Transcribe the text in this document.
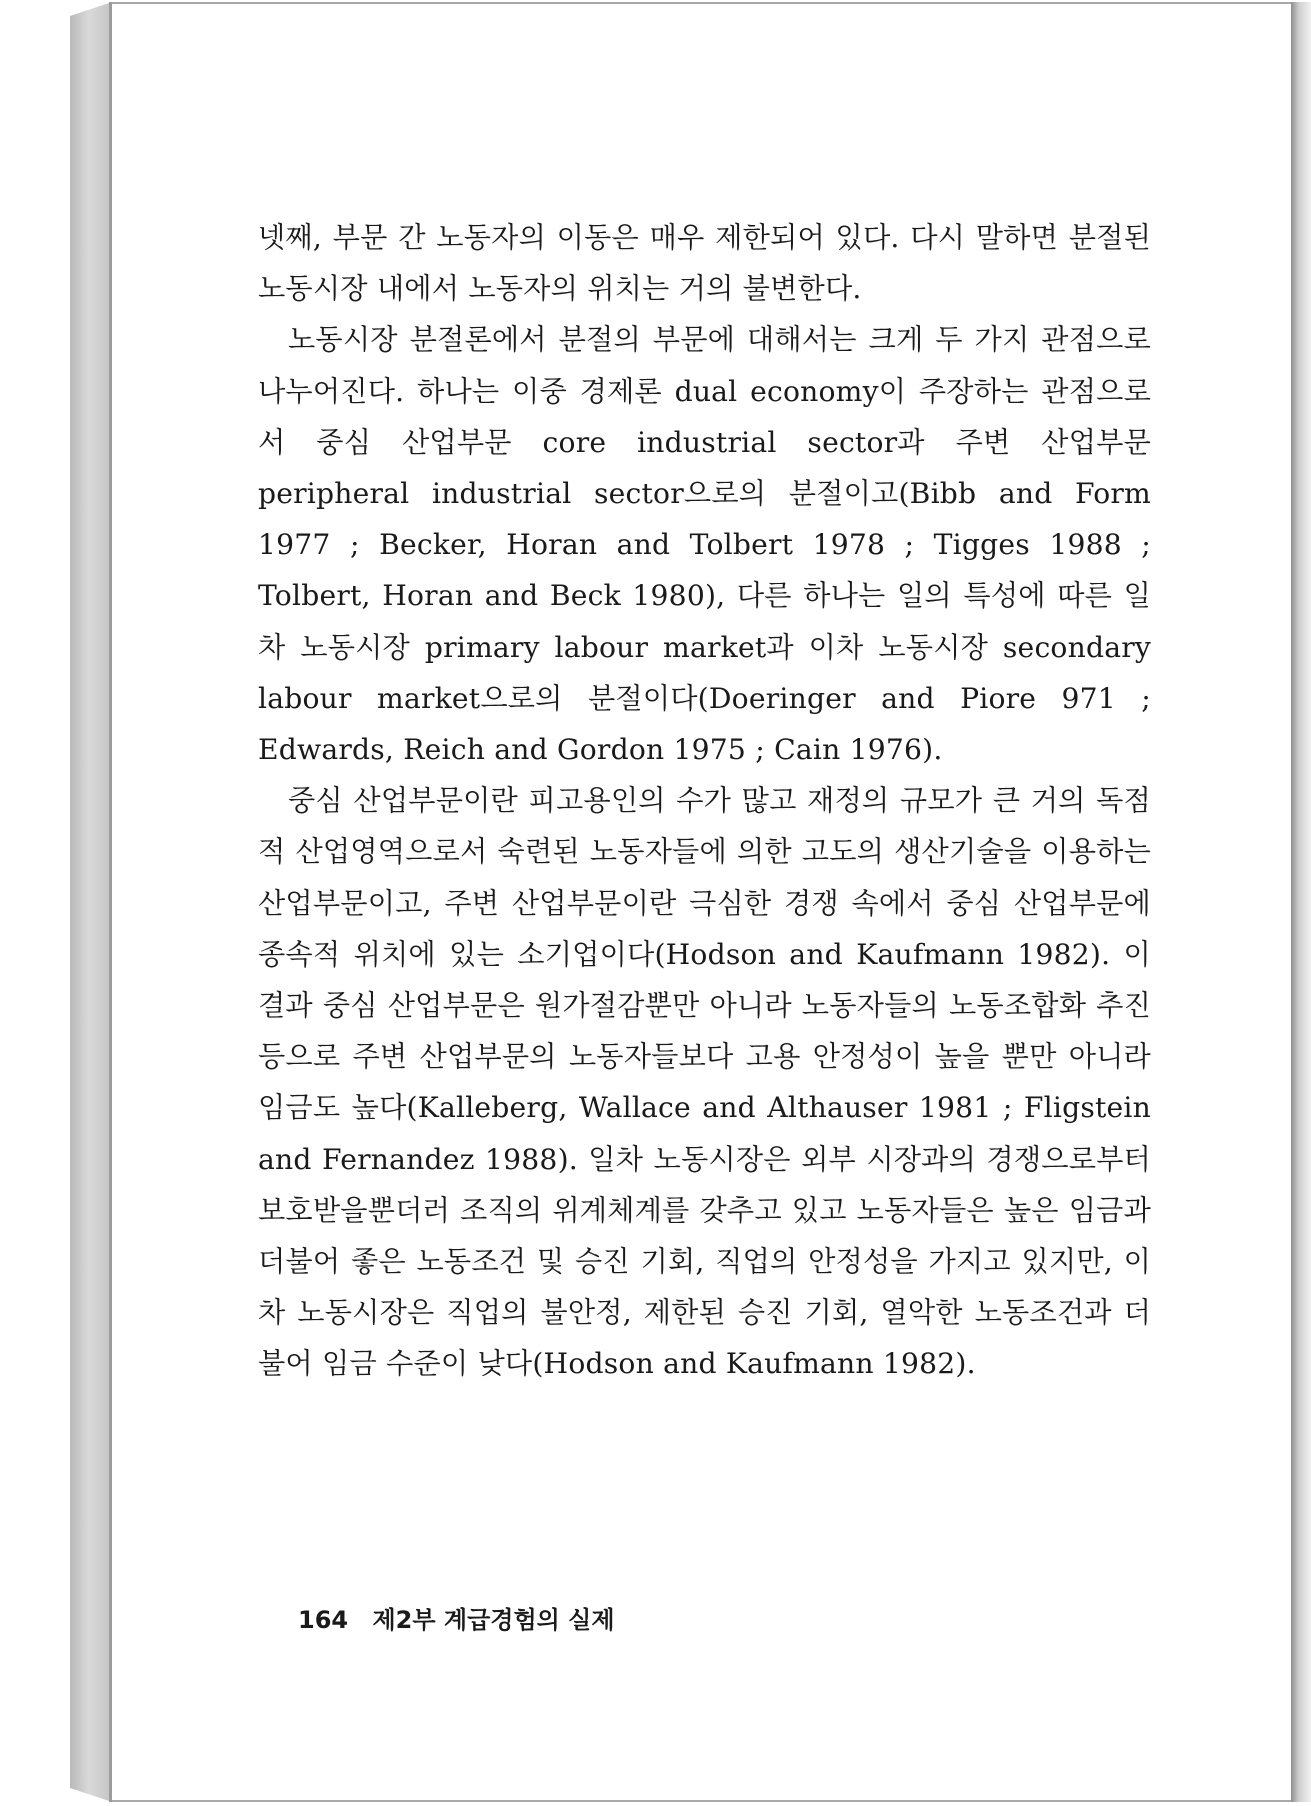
넷째, 부문 간 노동자의 이동은 매우 제한되어 있다. 다시 말하면 분절된 노동시장 내에서 노동자의 위치는 거의 불변한다.

노동시장 분절론에서 분절의 부문에 대해서는 크게 두 가지 관점으로 나누어진다. 하나는 이중 경제론 dual economy이 주장하는 관점으로서 중심 산업부문 core industrial sector과 주변 산업부문 peripheral industrial sector으로의 분절이고(Bibb and Form 1977 ; Becker, Horan and Tolbert 1978 ; Tigges 1988 ; Tolbert, Horan and Beck 1980), 다른 하나는 일의 특성에 따른 일차 노동시장 primary labour market과 이차 노동시장 secondary labour market으로의 분절이다(Doeringer and Piore 971 ; Edwards, Reich and Gordon 1975 ; Cain 1976).

중심 산업부문이란 피고용인의 수가 많고 재정의 규모가 큰 거의 독점적 산업영역으로서 숙련된 노동자들에 의한 고도의 생산기술을 이용하는 산업부문이고, 주변 산업부문이란 극심한 경쟁 속에서 중심 산업부문에 종속적 위치에 있는 소기업이다(Hodson and Kaufmann 1982). 이 결과 중심 산업부문은 원가절감뿐만 아니라 노동자들의 노동조합화 추진 등으로 주변 산업부문의 노동자들보다 고용 안정성이 높을 뿐만 아니라 임금도 높다(Kalleberg, Wallace and Althauser 1981 ; Fligstein and Fernandez 1988). 일차 노동시장은 외부 시장과의 경쟁으로부터 보호받을뿐더러 조직의 위계체계를 갖추고 있고 노동자들은 높은 임금과 더불어 좋은 노동조건 및 승진 기회, 직업의 안정성을 가지고 있지만, 이차 노동시장은 직업의 불안정, 제한된 승진 기회, 열악한 노동조건과 더불어 임금 수준이 낮다(Hodson and Kaufmann 1982).

164 제2부 계급경험의 실제
